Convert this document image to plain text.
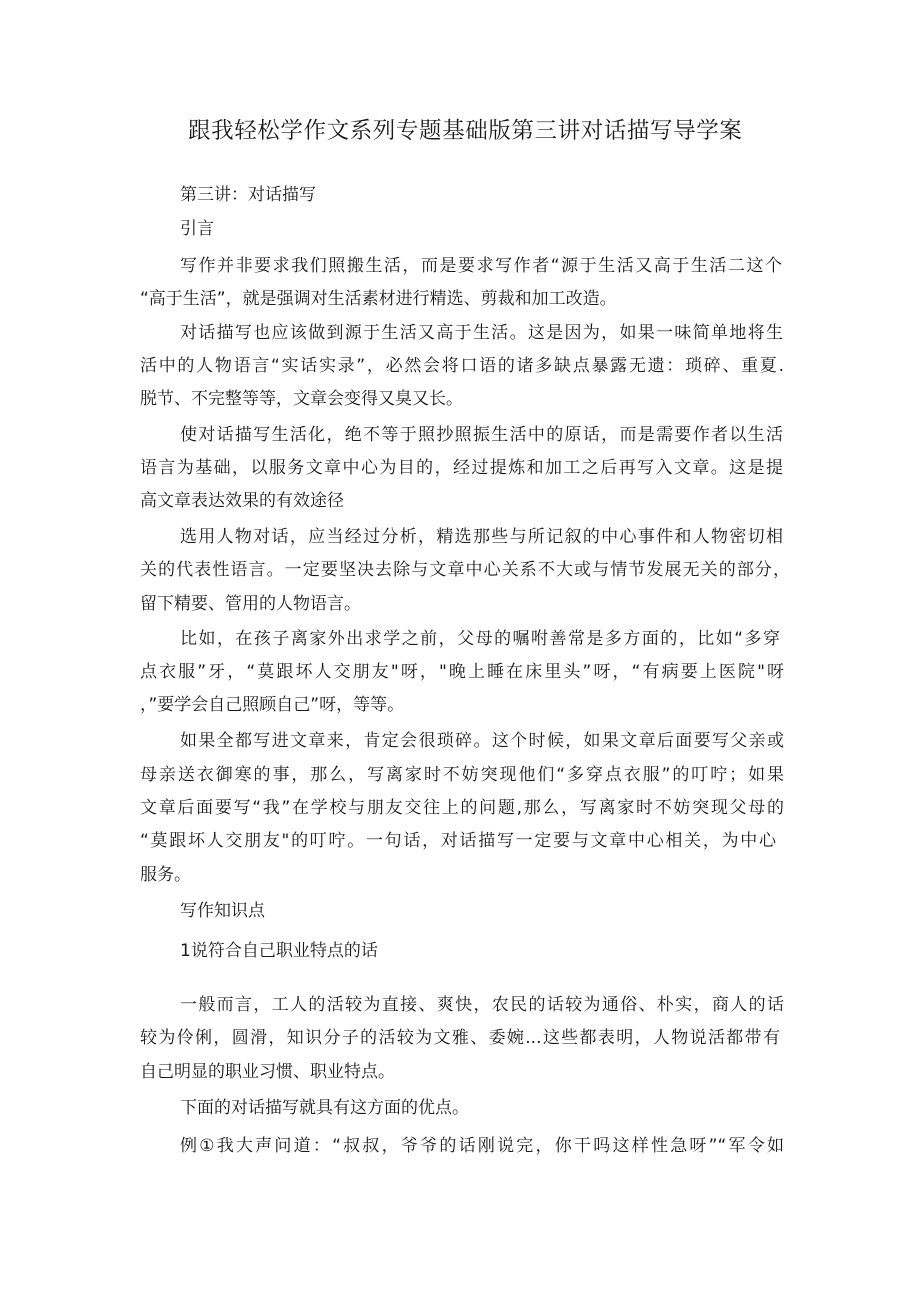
跟我轻松学作文系列专题基础版第三讲对话描写导学案

第三讲：对话描写

引言

写作并非要求我们照搬生活，而是要求写作者“源于生活又高于生活二这个

“高于生活”，就是强调对生活素材进行精选、剪裁和加工改造。

对话描写也应该做到源于生活又高于生活。这是因为，如果一味简单地将生

活中的人物语言“实话实录”，必然会将口语的诸多缺点暴露无遗：琐碎、重夏.

脱节、不完整等等，文章会变得又臭又长。

使对话描写生活化，绝不等于照抄照振生活中的原话，而是需要作者以生活

语言为基础，以服务文章中心为目的，经过提炼和加工之后再写入文章。这是提

高文章表达效果的有效途径

选用人物对话，应当经过分析，精选那些与所记叙的中心事件和人物密切相

关的代表性语言。一定要坚决去除与文章中心关系不大或与情节发展无关的部分，

留下精要、管用的人物语言。

比如，在孩子离家外出求学之前，父母的嘱咐善常是多方面的，比如“多穿

点衣服”牙，“莫跟坏人交朋友"呀，"晚上睡在床里头”呀，“有病要上医院"呀

，”要学会自己照顾自己”呀，等等。

如果全都写进文章来，肯定会很琐碎。这个时候，如果文章后面要写父亲或

母亲送衣御寒的事，那么，写离家时不妨突现他们“多穿点衣服”的叮咛；如果

文章后面要写“我”在学校与朋友交往上的问题,那么，写离家时不妨突现父母的

“莫跟坏人交朋友"的叮咛。一句话，对话描写一定要与文章中心相关，为中心

服务。

写作知识点

1说符合自己职业特点的话

一般而言，工人的活较为直接、爽快，农民的话较为通俗、朴实，商人的话

较为伶俐，圆滑，知识分子的活较为文雅、委婉...这些都表明，人物说活都带有

自己明显的职业习惯、职业特点。

下面的对话描写就具有这方面的优点。

例①我大声问道：“叔叔，爷爷的话刚说完，你干吗这样性急呀”“军令如
